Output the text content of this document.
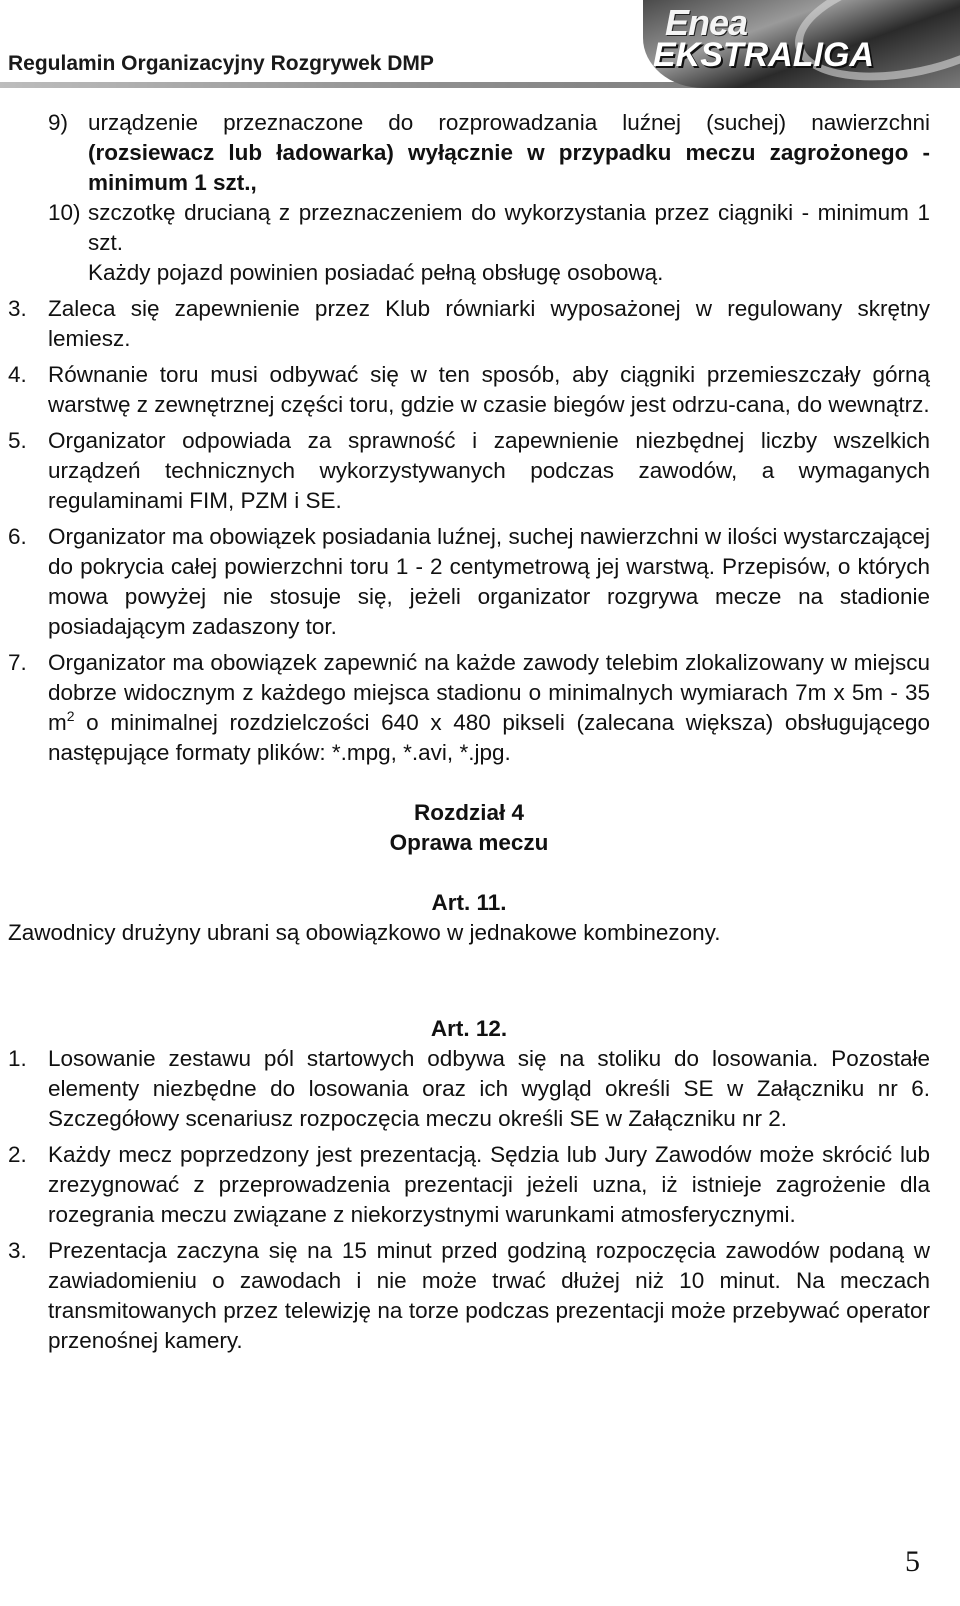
Regulamin Organizacyjny Rozgrywek DMP
Enea
EKSTRALIGA
9) urządzenie przeznaczone do rozprowadzania luźnej (suchej) nawierzchni (rozsiewacz lub ładowarka) wyłącznie w przypadku meczu zagrożonego - minimum 1 szt.,
10) szczotkę drucianą z przeznaczeniem do wykorzystania przez ciągniki - minimum 1 szt.
Każdy pojazd powinien posiadać pełną obsługę osobową.
3. Zaleca się zapewnienie przez Klub równiarki wyposażonej w regulowany skrętny lemiesz.
4. Równanie toru musi odbywać się w ten sposób, aby ciągniki przemieszczały górną warstwę z zewnętrznej części toru, gdzie w czasie biegów jest odrzu-cana, do wewnątrz.
5. Organizator odpowiada za sprawność i zapewnienie niezbędnej liczby wszelkich urządzeń technicznych wykorzystywanych podczas zawodów, a wymaganych regulaminami FIM, PZM i SE.
6. Organizator ma obowiązek posiadania luźnej, suchej nawierzchni w ilości wystarczającej do pokrycia całej powierzchni toru 1 - 2 centymetrową jej warstwą. Przepisów, o których mowa powyżej nie stosuje się, jeżeli organizator rozgrywa mecze na stadionie posiadającym zadaszony tor.
7. Organizator ma obowiązek zapewnić na każde zawody telebim zlokalizowany w miejscu dobrze widocznym z każdego miejsca stadionu o minimalnych wymiarach 7m x 5m - 35 $m^2$ o minimalnej rozdzielczości 640 x 480 pikseli (zalecana większa) obsługującego następujące formaty plików: *.mpg, *.avi, *.jpg.
Rozdział 4
Oprawa meczu
Art. 11.
Zawodnicy drużyny ubrani są obowiązkowo w jednakowe kombinezony.
Art. 12.
1. Losowanie zestawu pól startowych odbywa się na stoliku do losowania. Pozostałe elementy niezbędne do losowania oraz ich wygląd określi SE w Załączniku nr 6. Szczegółowy scenariusz rozpoczęcia meczu określi SE w Załączniku nr 2.
2. Każdy mecz poprzedzony jest prezentacją. Sędzia lub Jury Zawodów może skrócić lub zrezygnować z przeprowadzenia prezentacji jeżeli uzna, iż istnieje zagrożenie dla rozegrania meczu związane z niekorzystnymi warunkami atmosferycznymi.
3. Prezentacja zaczyna się na 15 minut przed godziną rozpoczęcia zawodów podaną w zawiadomieniu o zawodach i nie może trwać dłużej niż 10 minut. Na meczach transmitowanych przez telewizję na torze podczas prezentacji może przebywać operator przenośnej kamery.
5
